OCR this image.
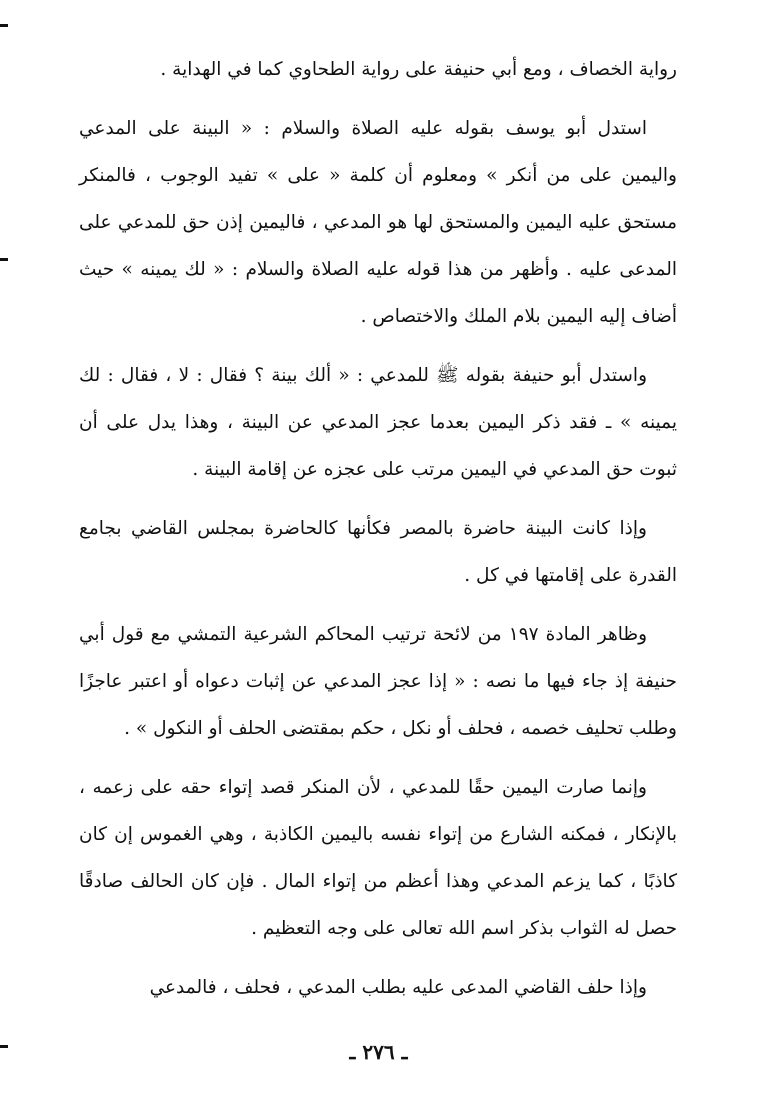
رواية الخصاف ، ومع أبي حنيفة على رواية الطحاوي كما في الهداية .

استدل أبو يوسف بقوله عليه الصلاة والسلام : « البينة على المدعي واليمين على من أنكر » ومعلوم أن كلمة « على » تفيد الوجوب ، فالمنكر مستحق عليه اليمين والمستحق لها هو المدعي ، فاليمين إذن حق للمدعي على المدعى عليه . وأظهر من هذا قوله عليه الصلاة والسلام : « لك يمينه » حيث أضاف إليه اليمين بلام الملك والاختصاص .

واستدل أبو حنيفة بقوله ﷺ للمدعي : « ألك بينة ؟ فقال : لا ، فقال : لك يمينه » ـ فقد ذكر اليمين بعدما عجز المدعي عن البينة ، وهذا يدل على أن ثبوت حق المدعي في اليمين مرتب على عجزه عن إقامة البينة .

وإذا كانت البينة حاضرة بالمصر فكأنها كالحاضرة بمجلس القاضي بجامع القدرة على إقامتها في كل .

وظاهر المادة ١٩٧ من لائحة ترتيب المحاكم الشرعية التمشي مع قول أبي حنيفة إذ جاء فيها ما نصه : « إذا عجز المدعي عن إثبات دعواه أو اعتبر عاجزًا وطلب تحليف خصمه ، فحلف أو نكل ، حكم بمقتضى الحلف أو النكول » .

وإنما صارت اليمين حقًا للمدعي ، لأن المنكر قصد إتواء حقه على زعمه ، بالإنكار ، فمكنه الشارع من إتواء نفسه باليمين الكاذبة ، وهي الغموس إن كان كاذبًا ، كما يزعم المدعي وهذا أعظم من إتواء المال . فإن كان الحالف صادقًا حصل له الثواب بذكر اسم الله تعالى على وجه التعظيم .

وإذا حلف القاضي المدعى عليه بطلب المدعي ، فحلف ، فالمدعي

ـ ٢٧٦ ـ
